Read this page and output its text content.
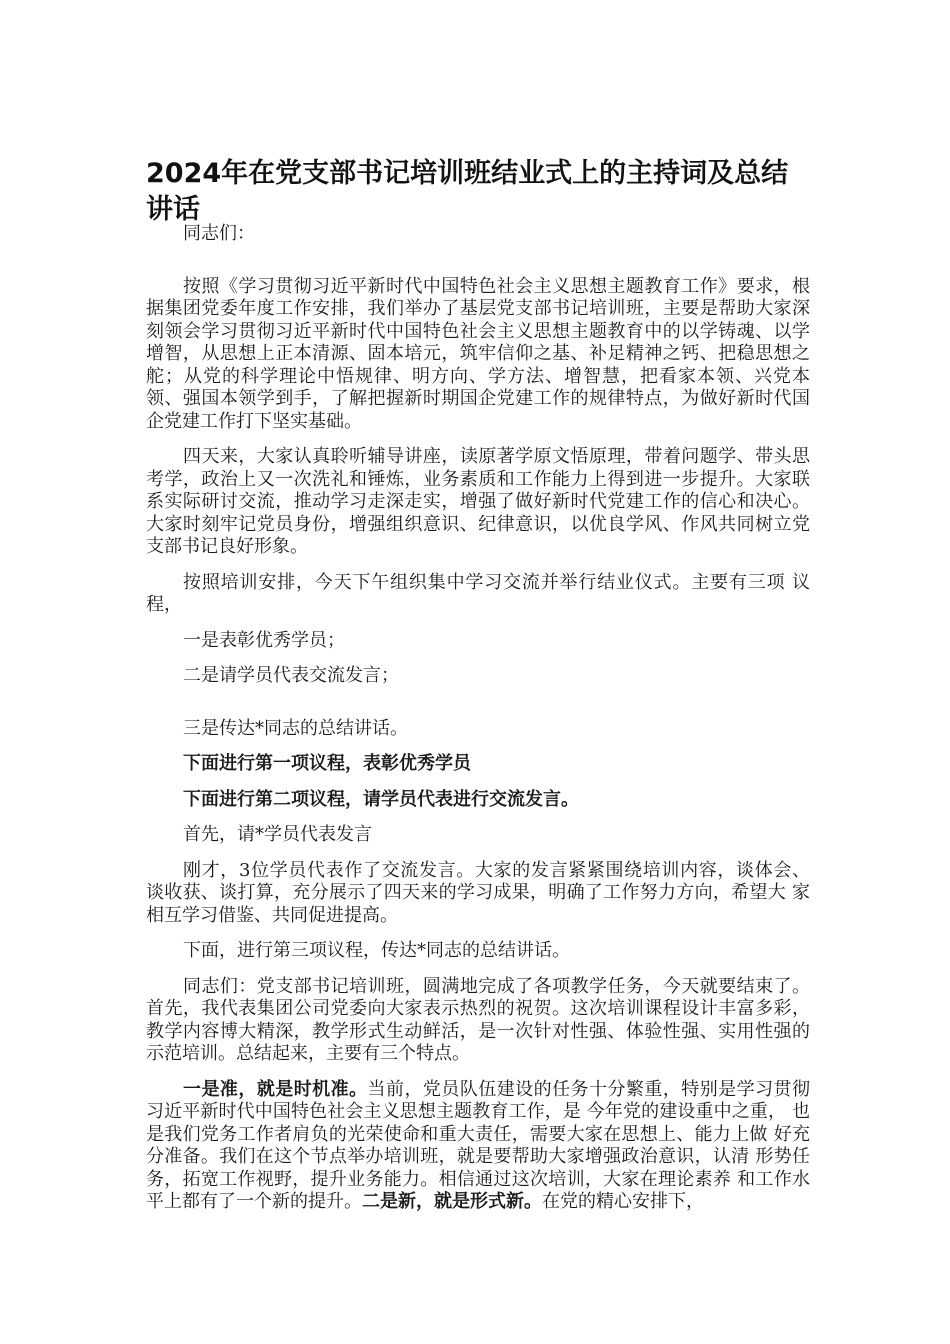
2024年在党支部书记培训班结业式上的主持词及总结讲话

同志们：

按照《学习贯彻习近平新时代中国特色社会主义思想主题教育工作》要求，根据集团党委年度工作安排，我们举办了基层党支部书记培训班，主要是帮助大家深刻领会学习贯彻习近平新时代中国特色社会主义思想主题教育中的以学铸魂、以学增智，从思想上正本清源、固本培元，筑牢信仰之基、补足精神之钙、把稳思想之舵；从党的科学理论中悟规律、明方向、学方法、增智慧，把看家本领、兴党本领、强国本领学到手，了解把握新时期国企党建工作的规律特点，为做好新时代国企党建工作打下坚实基础。

四天来，大家认真聆听辅导讲座，读原著学原文悟原理，带着问题学、带头思考学，政治上又一次洗礼和锤炼，业务素质和工作能力上得到进一步提升。大家联系实际研讨交流，推动学习走深走实，增强了做好新时代党建工作的信心和决心。大家时刻牢记党员身份，增强组织意识、纪律意识，以优良学风、作风共同树立党支部书记良好形象。

按照培训安排，今天下午组织集中学习交流并举行结业仪式。主要有三项 议 程，

一是表彰优秀学员；

二是请学员代表交流发言；

三是传达*同志的总结讲话。

下面进行第一项议程，表彰优秀学员

下面进行第二项议程，请学员代表进行交流发言。

首先，请*学员代表发言

刚才，3位学员代表作了交流发言。大家的发言紧紧围绕培训内容，谈体会、 谈收获、谈打算，充分展示了四天来的学习成果，明确了工作努力方向，希望大 家相互学习借鉴、共同促进提高。

下面，进行第三项议程，传达*同志的总结讲话。

同志们：党支部书记培训班，圆满地完成了各项教学任务，今天就要结束了。首先，我代表集团公司党委向大家表示热烈的祝贺。这次培训课程设计丰富多彩，教学内容博大精深，教学形式生动鲜活，是一次针对性强、体验性强、实用性强的示范培训。总结起来，主要有三个特点。

一是准，就是时机准。当前，党员队伍建设的任务十分繁重，特别是学习贯彻习近平新时代中国特色社会主义思想主题教育工作，是 今年党的建设重中之重， 也是我们党务工作者肩负的光荣使命和重大责任，需要大家在思想上、能力上做 好充分准备。我们在这个节点举办培训班，就是要帮助大家增强政治意识，认清 形势任务，拓宽工作视野，提升业务能力。相信通过这次培训，大家在理论素养 和工作水平上都有了一个新的提升。二是新，就是形式新。在党的精心安排下，
